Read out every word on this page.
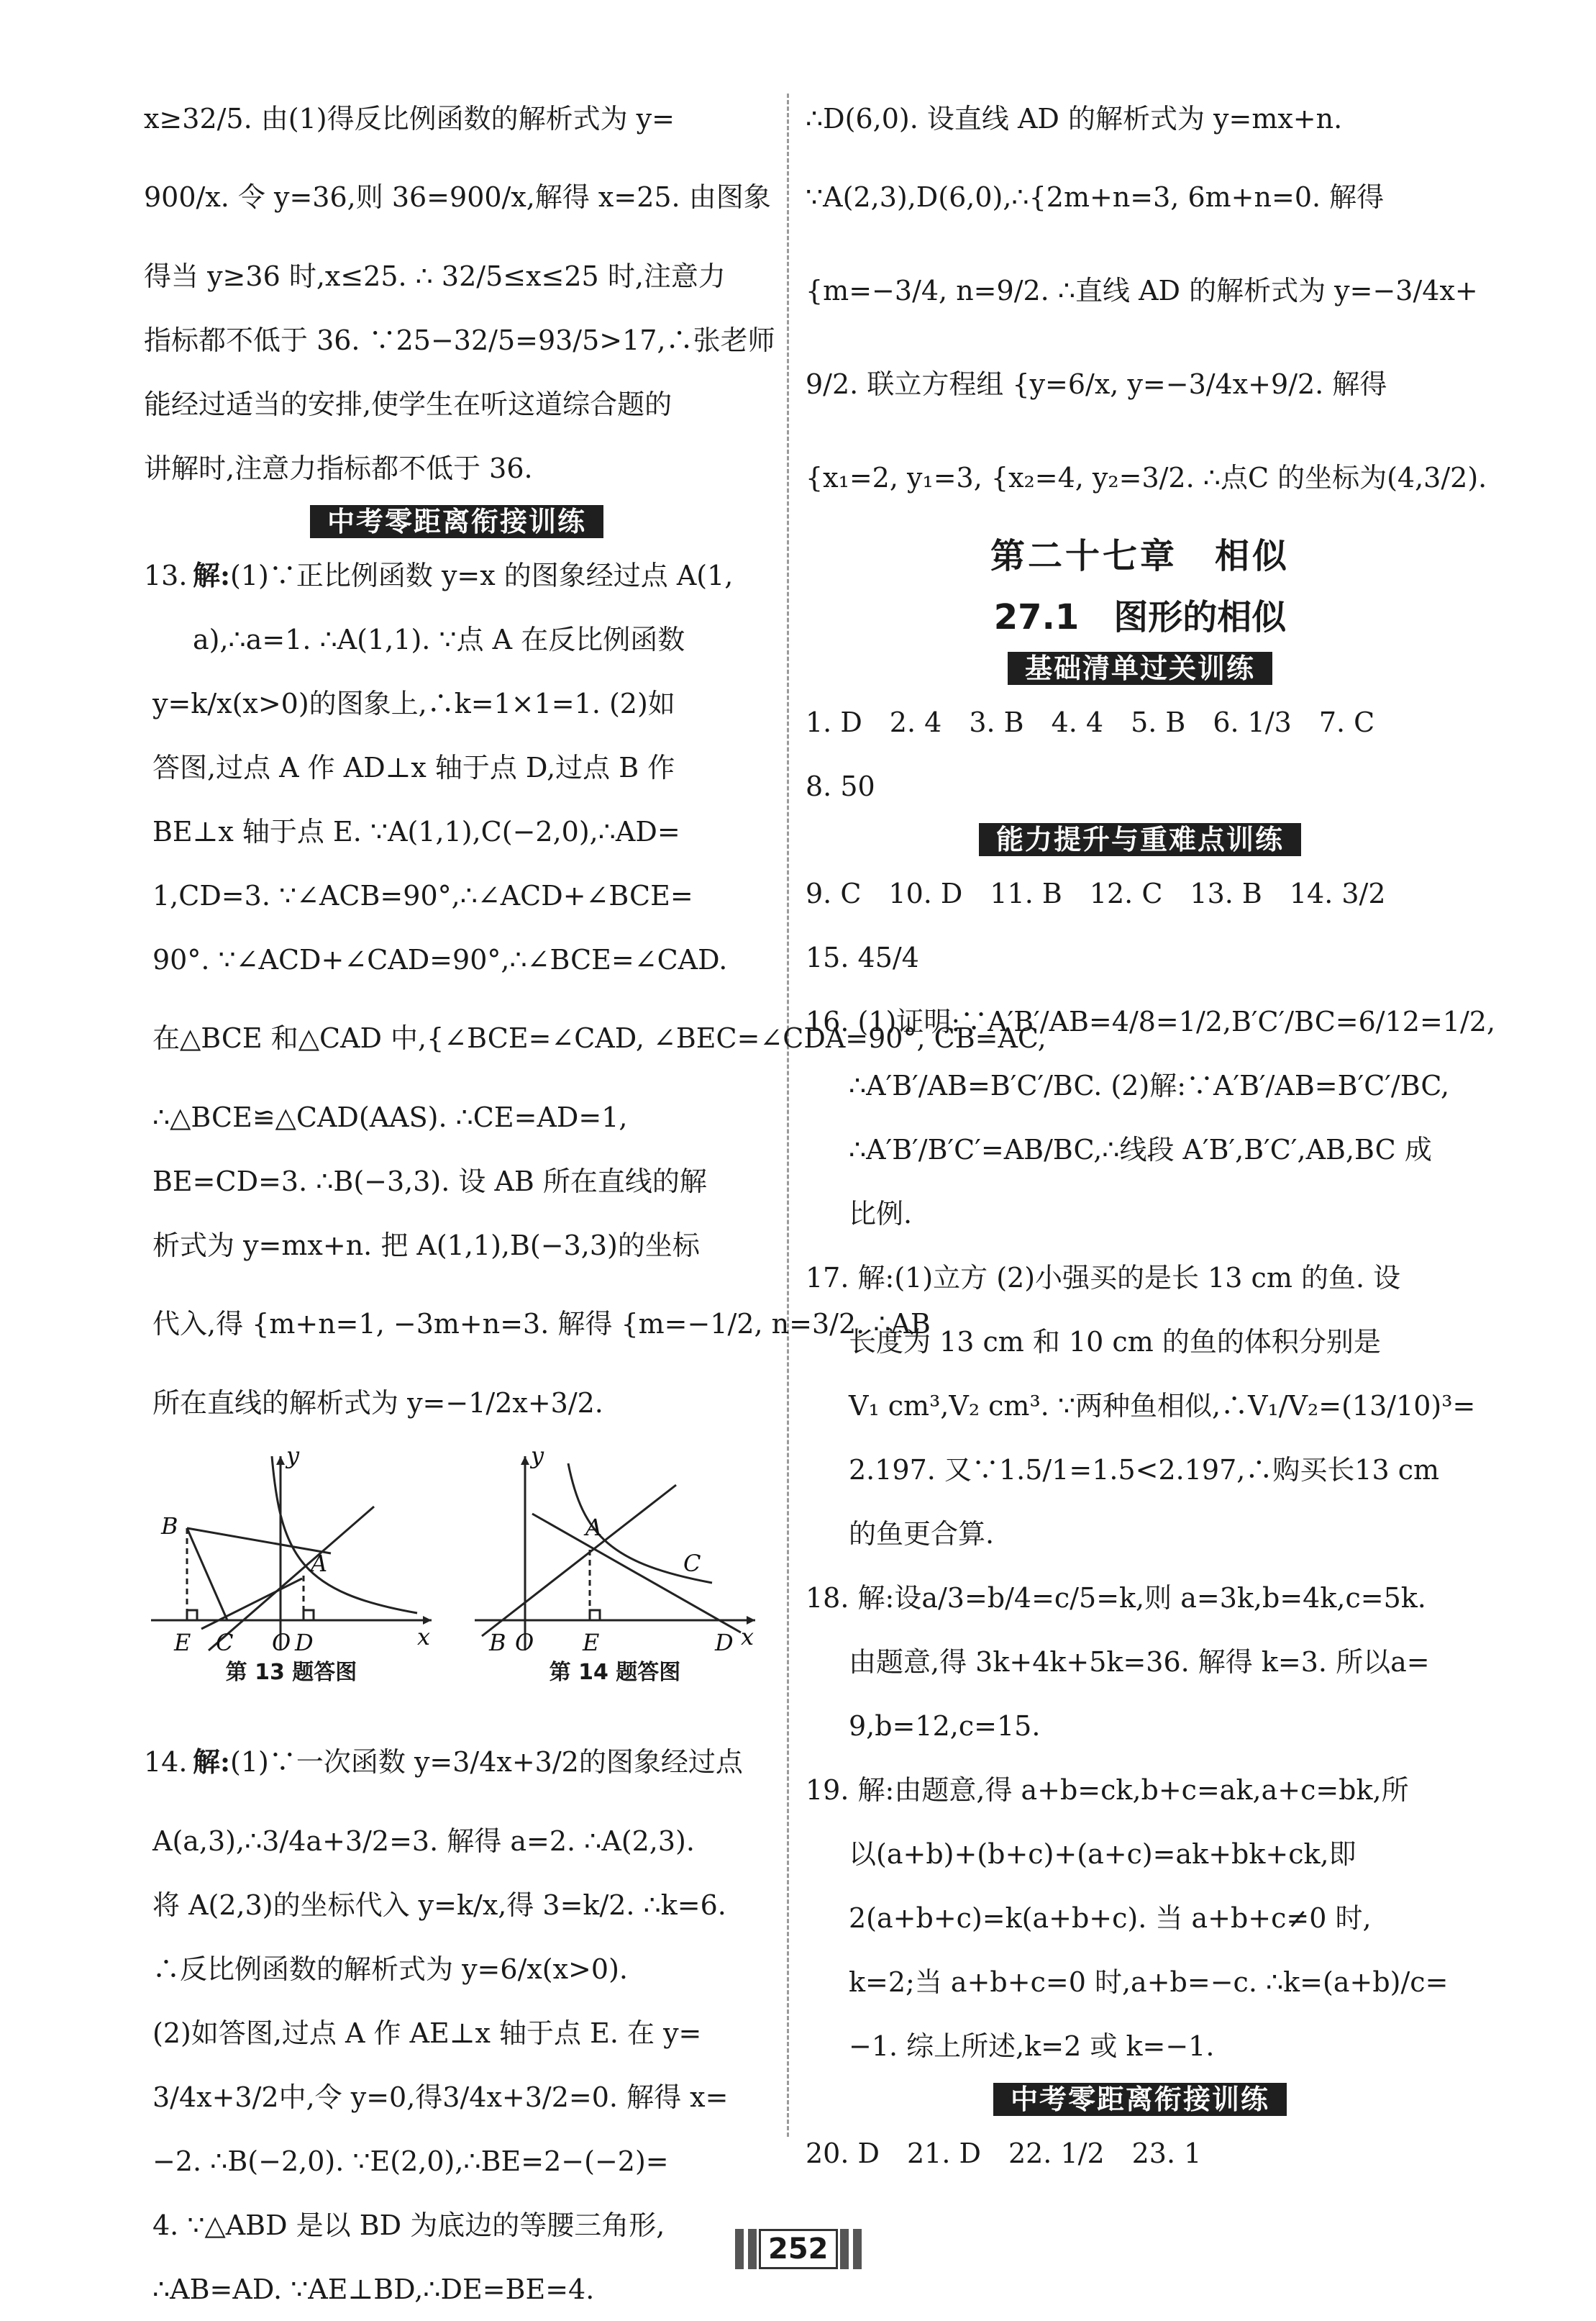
x≥32/5. 由(1)得反比例函数的解析式为 y=
900/x. 令 y=36,则 36=900/x,解得 x=25. 由图象
得当 y≥36 时,x≤25. ∴ 32/5≤x≤25 时,注意力
指标都不低于 36. ∵25−32/5=93/5>17,∴张老师
能经过适当的安排,使学生在听这道综合题的
讲解时,注意力指标都不低于 36.
中考零距离衔接训练
13. 解: (1)∵正比例函数 y=x 的图象经过点 A(1,
a),∴a=1. ∴A(1,1). ∵点 A 在反比例函数
y=k/x(x>0)的图象上,∴k=1×1=1. (2)如
答图,过点 A 作 AD⊥x 轴于点 D,过点 B 作
BE⊥x 轴于点 E. ∵A(1,1),C(−2,0),∴AD=
1,CD=3. ∵∠ACB=90°,∴∠ACD+∠BCE=
90°. ∵∠ACD+∠CAD=90°,∴∠BCE=∠CAD.
在△BCE 和△CAD 中,{∠BCE=∠CAD, ∠BEC=∠CDA=90°, CB=AC,
∴△BCE≌△CAD(AAS). ∴CE=AD=1,
BE=CD=3. ∴B(−3,3). 设 AB 所在直线的解
析式为 y=mx+n. 把 A(1,1),B(−3,3)的坐标
代入,得 {m+n=1, −3m+n=3. 解得 {m=−1/2, n=3/2. ∴AB
所在直线的解析式为 y=−1/2x+3/2.
y
x
B
A
E C O D
第 13 题答图
y
x
A
C
B O E	D
第 14 题答图
14. 解: (1)∵一次函数 y=3/4x+3/2的图象经过点
A(a,3),∴3/4a+3/2=3. 解得 a=2. ∴A(2,3).
将 A(2,3)的坐标代入 y=k/x,得 3=k/2. ∴k=6.
∴反比例函数的解析式为 y=6/x(x>0).
(2)如答图,过点 A 作 AE⊥x 轴于点 E. 在 y=
3/4x+3/2中,令 y=0,得3/4x+3/2=0. 解得 x=
−2. ∴B(−2,0). ∵E(2,0),∴BE=2−(−2)=
4. ∵△ABD 是以 BD 为底边的等腰三角形,
∴AB=AD. ∵AE⊥BD,∴DE=BE=4.
∴D(6,0). 设直线 AD 的解析式为 y=mx+n.
∵A(2,3),D(6,0),∴{2m+n=3, 6m+n=0. 解得
{m=−3/4, n=9/2. ∴直线 AD 的解析式为 y=−3/4x+
9/2. 联立方程组 {y=6/x, y=−3/4x+9/2. 解得
{x₁=2, y₁=3, {x₂=4, y₂=3/2. ∴点C 的坐标为(4,3/2).
第二十七章　相似
27.1　图形的相似
基础清单过关训练
1. D　2. 4　3. B　4. 4　5. B　6. 1/3　7. C
8. 50
能力提升与重难点训练
9. C　10. D　11. B　12. C　13. B　14. 3/2
15. 45/4
16. (1)证明:∵A′B′/AB=4/8=1/2,B′C′/BC=6/12=1/2,
∴A′B′/AB=B′C′/BC. (2)解:∵A′B′/AB=B′C′/BC,
∴A′B′/B′C′=AB/BC,∴线段 A′B′,B′C′,AB,BC 成
比例.
17. 解:(1)立方 (2)小强买的是长 13 cm 的鱼. 设
长度为 13 cm 和 10 cm 的鱼的体积分别是
V₁ cm³,V₂ cm³. ∵两种鱼相似,∴V₁/V₂=(13/10)³=
2.197. 又∵1.5/1=1.5<2.197,∴购买长13 cm
的鱼更合算.
18. 解:设a/3=b/4=c/5=k,则 a=3k,b=4k,c=5k.
由题意,得 3k+4k+5k=36. 解得 k=3. 所以a=
9,b=12,c=15.
19. 解:由题意,得 a+b=ck,b+c=ak,a+c=bk,所
以(a+b)+(b+c)+(a+c)=ak+bk+ck,即
2(a+b+c)=k(a+b+c). 当 a+b+c≠0 时,
k=2;当 a+b+c=0 时,a+b=−c. ∴k=(a+b)/c=
−1. 综上所述,k=2 或 k=−1.
中考零距离衔接训练
20. D　21. D　22. 1/2　23. 1
252
